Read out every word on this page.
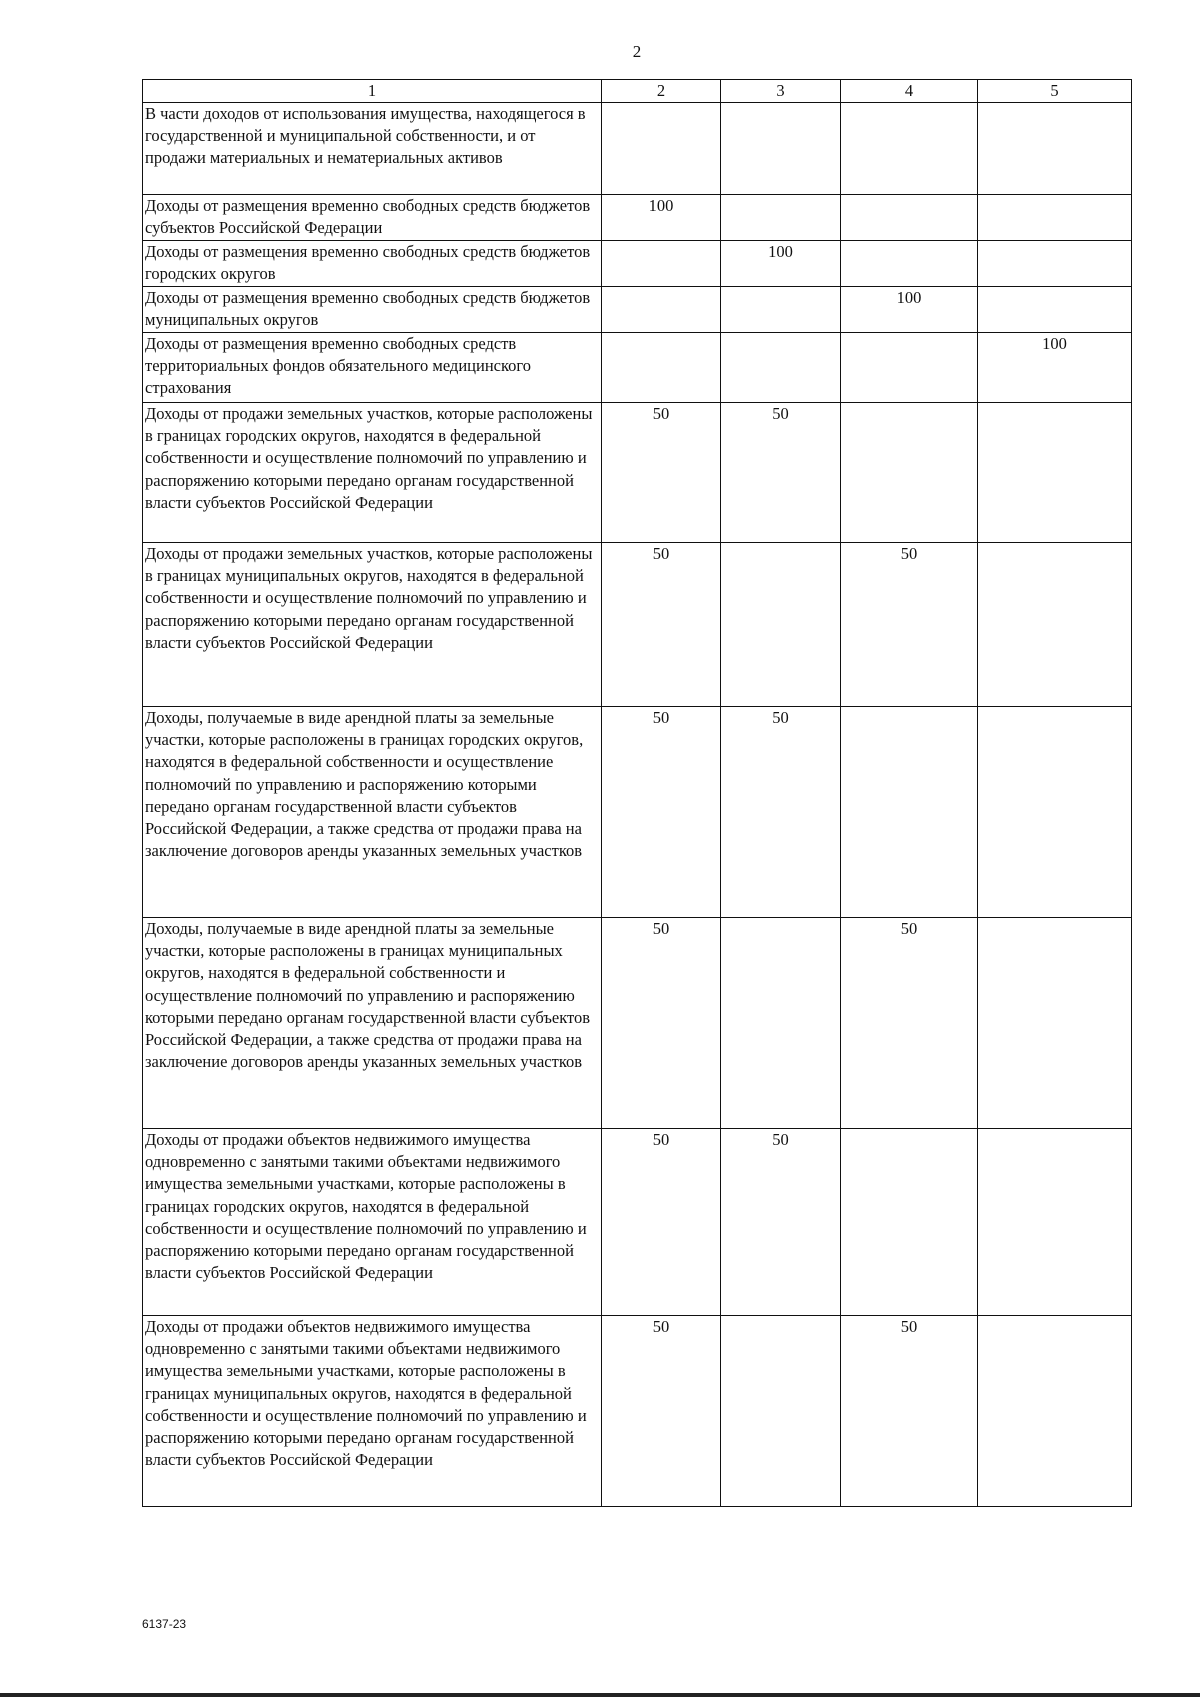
2
1	2	3	4	5
В части доходов от использования имущества, находящегося в государственной и муниципальной собственности, и от продажи материальных и нематериальных активов				
Доходы от размещения временно свободных средств бюджетов субъектов Российской Федерации	100			
Доходы от размещения временно свободных средств бюджетов городских округов		100		
Доходы от размещения временно свободных средств бюджетов муниципальных округов			100	
Доходы от размещения временно свободных средств территориальных фондов обязательного медицинского страхования				100
Доходы от продажи земельных участков, которые расположены в границах городских округов, находятся в федеральной собственности и осуществление полномочий по управлению и распоряжению которыми передано органам государственной власти субъектов Российской Федерации	50	50		
Доходы от продажи земельных участков, которые расположены в границах муниципальных округов, находятся в федеральной собственности и осуществление полномочий по управлению и распоряжению которыми передано органам государственной власти субъектов Российской Федерации	50		50	
Доходы, получаемые в виде арендной платы за земельные участки, которые расположены в границах городских округов, находятся в федеральной собственности и осуществление полномочий по управлению и распоряжению которыми передано органам государственной власти субъектов Российской Федерации, а также средства от продажи права на заключение договоров аренды указанных земельных участков	50	50		
Доходы, получаемые в виде арендной платы за земельные участки, которые расположены в границах муниципальных округов, находятся в федеральной собственности и осуществление полномочий по управлению и распоряжению которыми передано органам государственной власти субъектов Российской Федерации, а также средства от продажи права на заключение договоров аренды указанных земельных участков	50		50	
Доходы от продажи объектов недвижимого имущества одновременно с занятыми такими объектами недвижимого имущества земельными участками, которые расположены в границах городских округов, находятся в федеральной собственности и осуществление полномочий по управлению и распоряжению которыми передано органам государственной власти субъектов Российской Федерации	50	50		
Доходы от продажи объектов недвижимого имущества одновременно с занятыми такими объектами недвижимого имущества земельными участками, которые расположены в границах муниципальных округов, находятся в федеральной собственности и осуществление полномочий по управлению и распоряжению которыми передано органам государственной власти субъектов Российской Федерации	50		50	
6137-23
